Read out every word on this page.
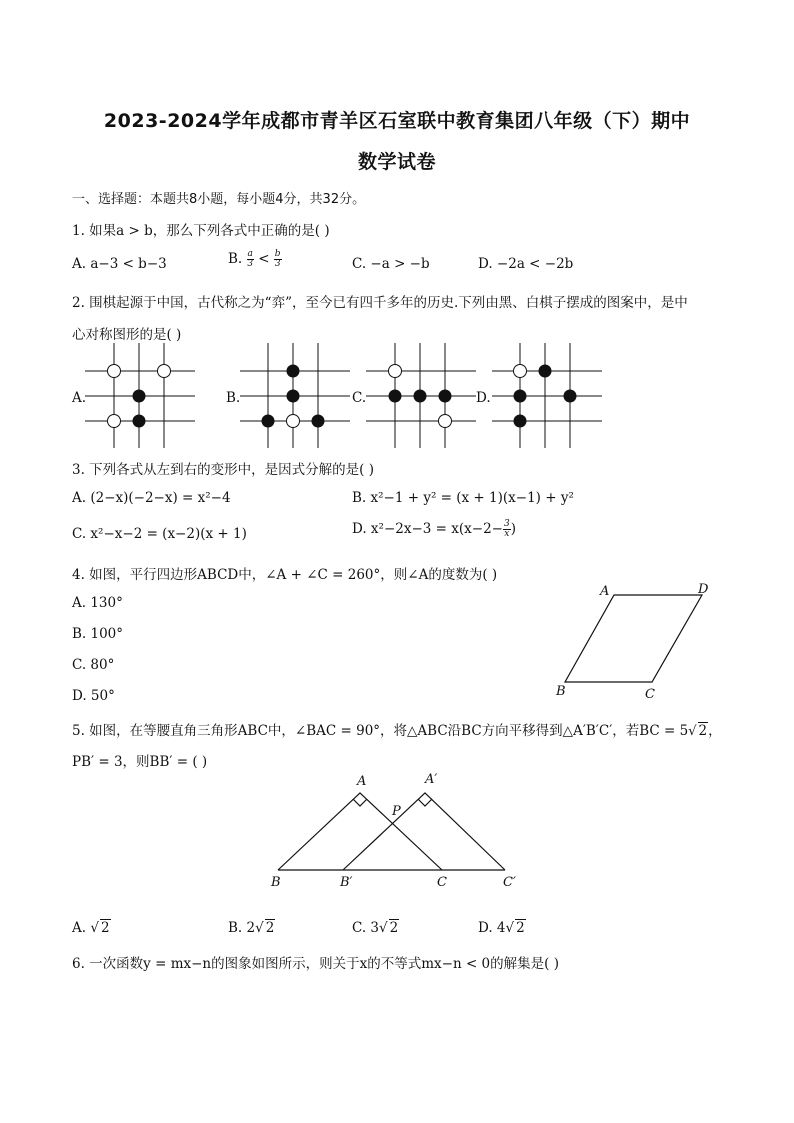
2023-2024学年成都市青羊区石室联中教育集团八年级（下）期中
数学试卷
一、选择题：本题共8小题，每小题4分，共32分。
1. 如果a > b，那么下列各式中正确的是( )
A. a−3 < b−3	B. $\frac{a}{3} < \frac{b}{3}$	C. −a > −b	D. −2a < −2b
2. 围棋起源于中国，古代称之为“弈”，至今已有四千多年的历史.下列由黑、白棋子摆成的图案中，是中
心对称图形的是( )
A.	B.	C.	D.
3. 下列各式从左到右的变形中，是因式分解的是( )
A. (2−x)(−2−x) = x²−4	B. x²−1 + y² = (x + 1)(x−1) + y²
C. x²−x−2 = (x−2)(x + 1)	D. $x^2-2x-3 = x(x-2- \frac{3}{x}$ )
4. 如图，平行四边形ABCD中，∠A + ∠C = 260°，则∠A的度数为( )
A. 130°
B. 100°
C. 80°
D. 50°
A	D
B	C
5. 如图，在等腰直角三角形ABC中，∠BAC = 90°，将△ABC沿BC方向平移得到△A′B′C′，若BC = 5√ 2，
PB′ = 3，则BB′ = ( )
A	A′
P
B	B′	C	C′
A. √ 2	B. 2√ 2	C. 3√ 2	D. 4√ 2
6. 一次函数y = mx−n的图象如图所示，则关于x的不等式mx−n < 0的解集是( )
